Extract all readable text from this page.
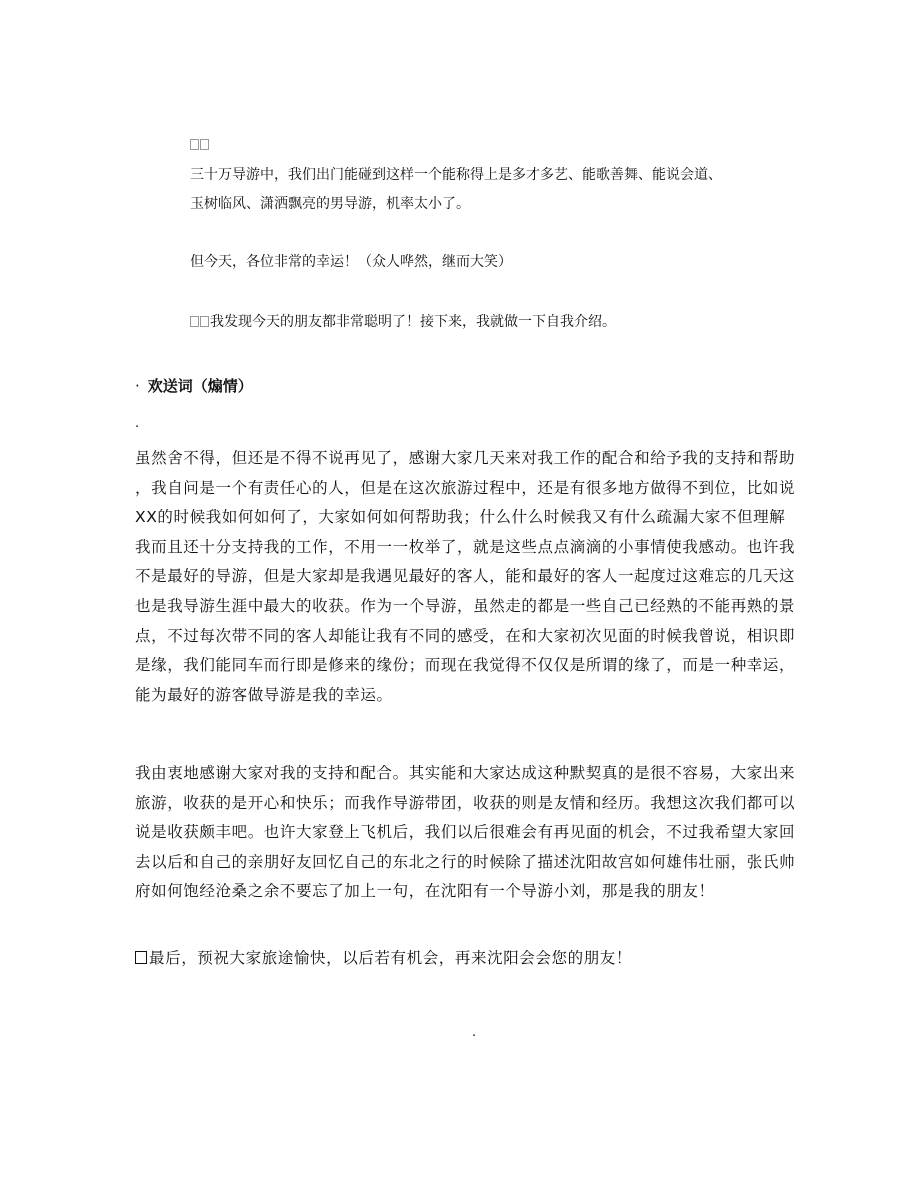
三十万导游中，我们出门能碰到这样一个能称得上是多才多艺、能歌善舞、能说会道、
玉树临风、潇洒飘亮的男导游，机率太小了。
但今天，各位非常的幸运！（众人哗然，继而大笑）
我发现今天的朋友都非常聪明了！接下来，我就做一下自我介绍。
· 欢送词（煽情）
.
虽然舍不得，但还是不得不说再见了，感谢大家几天来对我工作的配合和给予我的支持和帮助
，我自问是一个有责任心的人，但是在这次旅游过程中，还是有很多地方做得不到位，比如说
XX的时候我如何如何了，大家如何如何帮助我；什么什么时候我又有什么疏漏大家不但理解
我而且还十分支持我的工作，不用一一枚举了，就是这些点点滴滴的小事情使我感动。也许我
不是最好的导游，但是大家却是我遇见最好的客人，能和最好的客人一起度过这难忘的几天这
也是我导游生涯中最大的收获。作为一个导游，虽然走的都是一些自己已经熟的不能再熟的景
点，不过每次带不同的客人却能让我有不同的感受，在和大家初次见面的时候我曾说，相识即
是缘，我们能同车而行即是修来的缘份；而现在我觉得不仅仅是所谓的缘了，而是一种幸运，
能为最好的游客做导游是我的幸运。
我由衷地感谢大家对我的支持和配合。其实能和大家达成这种默契真的是很不容易，大家出来
旅游，收获的是开心和快乐；而我作导游带团，收获的则是友情和经历。我想这次我们都可以
说是收获颇丰吧。也许大家登上飞机后，我们以后很难会有再见面的机会，不过我希望大家回
去以后和自己的亲朋好友回忆自己的东北之行的时候除了描述沈阳故宫如何雄伟壮丽，张氏帅
府如何饱经沧桑之余不要忘了加上一句，在沈阳有一个导游小刘，那是我的朋友！
最后，预祝大家旅途愉快，以后若有机会，再来沈阳会会您的朋友！
.
